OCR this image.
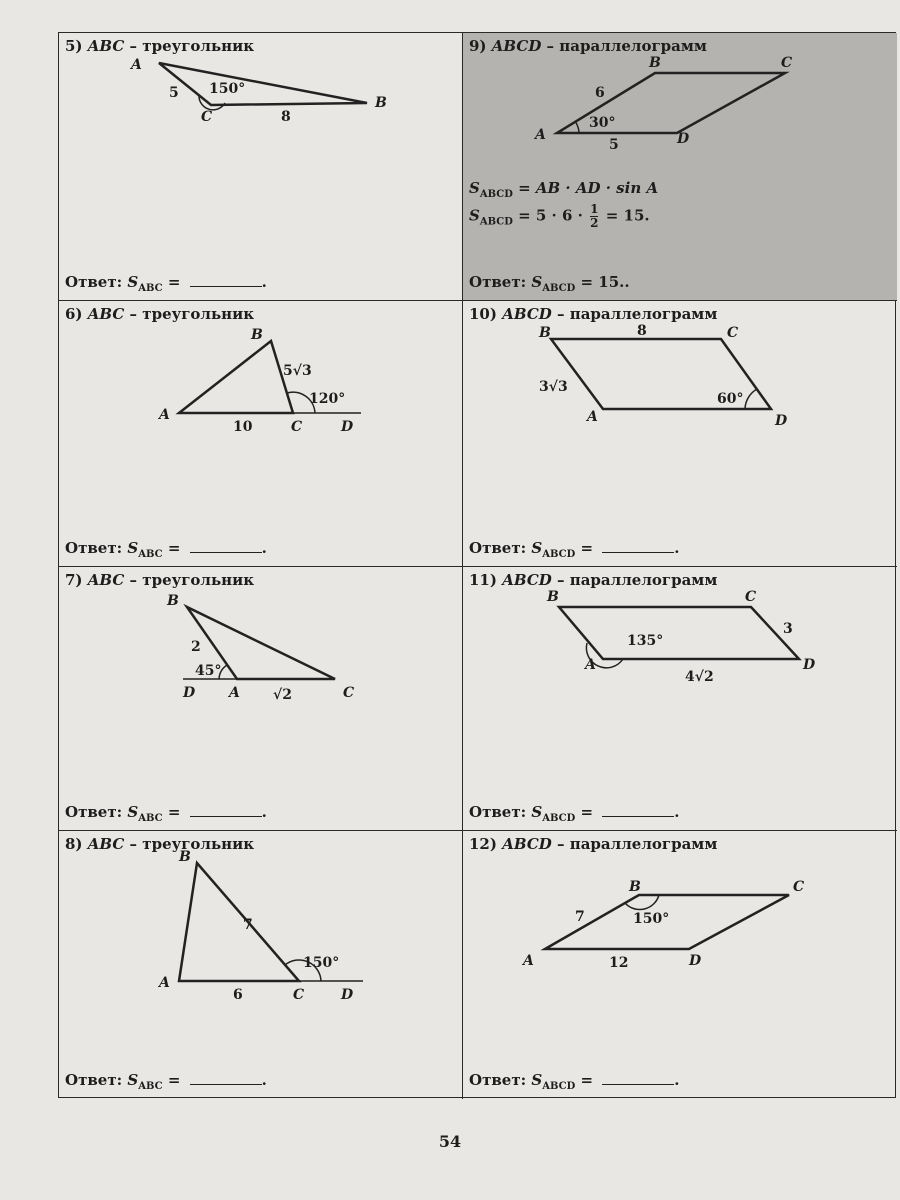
5) ABC – треугольник
A
C
B
5
8
150°
Ответ: $S_{ABC}$ =	.
9) ABCD – параллелограмм
A
B	C
D
6
5
30°
$S_{ABCD}$ = AB · AD · sin A
$S_{ABCD} = 5 \cdot 6 \cdot \frac{1}{2} = 15$.
Ответ: $S_{ABCD} = 15$..
6) ABC – треугольник
A
B
C	D
5√3
10
120°
Ответ: $S_{ABC}$ =	.
10) ABCD – параллелограмм
B	C
D
A
8
3√3
60°
Ответ: $S_{ABCD}$ =	.
7) ABC – треугольник
B
D A	C
2
√2
45°
Ответ: $S_{ABC}$ =	.
11) ABCD – параллелограмм
B	C
D
A
3
4√2
135°
Ответ: $S_{ABCD}$ =	.
8) ABC – треугольник
B
A
C	D
7
6
150°
Ответ: $S_{ABC}$ =	.
12) ABCD – параллелограмм
A
B	C
D
7
12
150°
Ответ: $S_{ABCD}$ =	.
54
